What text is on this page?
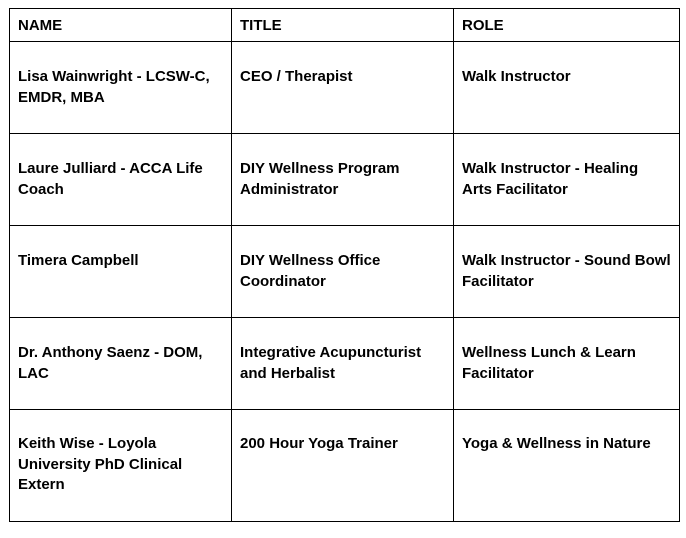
NAME	TITLE	ROLE
Lisa Wainwright - LCSW-C, EMDR, MBA	CEO / Therapist	Walk Instructor
Laure Julliard - ACCA Life Coach	DIY Wellness Program Administrator	Walk Instructor - Healing Arts Facilitator
Timera Campbell	DIY Wellness Office Coordinator	Walk Instructor - Sound Bowl Facilitator
Dr. Anthony Saenz - DOM, LAC	Integrative Acupuncturist and Herbalist	Wellness Lunch & Learn Facilitator
Keith Wise - Loyola University PhD Clinical Extern	200 Hour Yoga Trainer	Yoga & Wellness in Nature
